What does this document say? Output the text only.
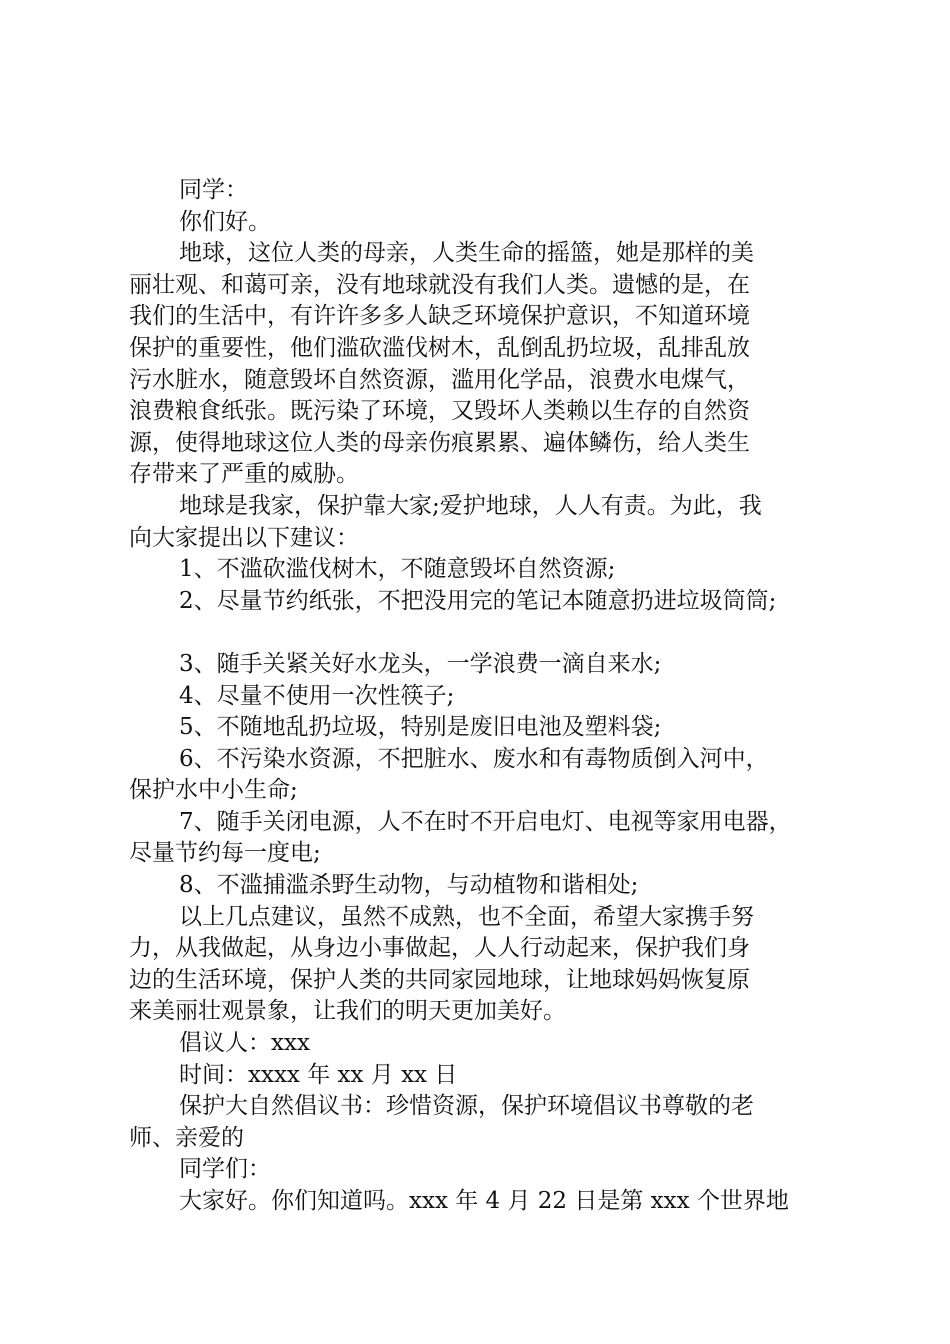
同学：
你们好。
地球，这位人类的母亲，人类生命的摇篮，她是那样的美
丽壮观、和蔼可亲，没有地球就没有我们人类。遗憾的是，在
我们的生活中，有许许多多人缺乏环境保护意识，不知道环境
保护的重要性，他们滥砍滥伐树木，乱倒乱扔垃圾，乱排乱放
污水脏水，随意毁坏自然资源，滥用化学品，浪费水电煤气，
浪费粮食纸张。既污染了环境，又毁坏人类赖以生存的自然资
源，使得地球这位人类的母亲伤痕累累、遍体鳞伤，给人类生
存带来了严重的威胁。
地球是我家，保护靠大家;爱护地球，人人有责。为此，我
向大家提出以下建议：
1、不滥砍滥伐树木，不随意毁坏自然资源;
2、尽量节约纸张，不把没用完的笔记本随意扔进垃圾筒筒;
3、随手关紧关好水龙头，一学浪费一滴自来水;
4、尽量不使用一次性筷子;
5、不随地乱扔垃圾，特别是废旧电池及塑料袋;
6、不污染水资源，不把脏水、废水和有毒物质倒入河中，
保护水中小生命;
7、随手关闭电源，人不在时不开启电灯、电视等家用电器，
尽量节约每一度电;
8、不滥捕滥杀野生动物，与动植物和谐相处;
以上几点建议，虽然不成熟，也不全面，希望大家携手努
力，从我做起，从身边小事做起，人人行动起来，保护我们身
边的生活环境，保护人类的共同家园地球，让地球妈妈恢复原
来美丽壮观景象，让我们的明天更加美好。
倡议人：xxx
时间：xxxx 年 xx 月 xx 日
保护大自然倡议书：珍惜资源，保护环境倡议书尊敬的老
师、亲爱的
同学们：
大家好。你们知道吗。xxx 年 4 月 22 日是第 xxx 个世界地
